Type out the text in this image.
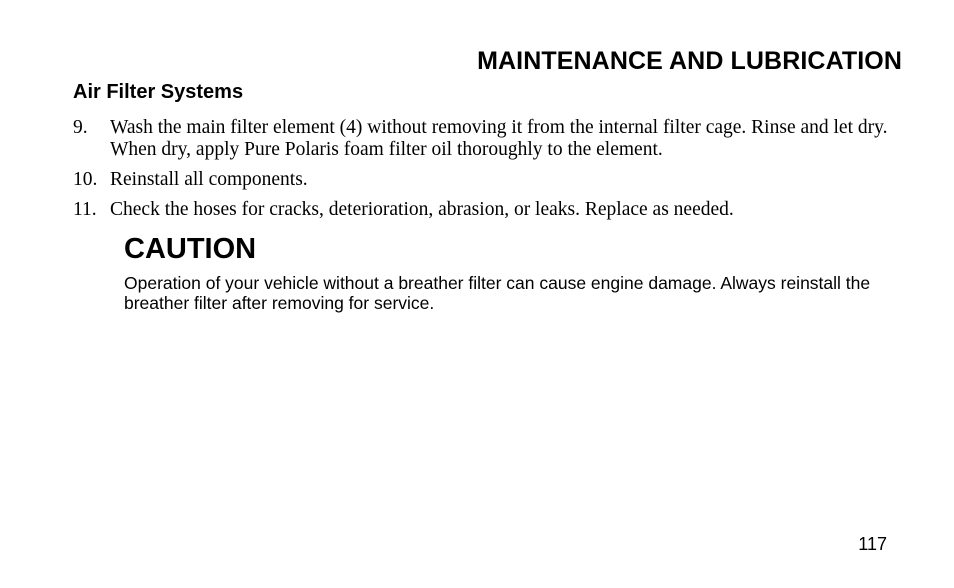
MAINTENANCE AND LUBRICATION
Air Filter Systems
9.	Wash the main filter element (4) without removing it from the internal filter cage. Rinse and let dry. When dry, apply Pure Polaris foam filter oil thoroughly to the element.
10. Reinstall all components.
11. Check the hoses for cracks, deterioration, abrasion, or leaks. Replace as needed.
CAUTION

Operation of your vehicle without a breather filter can cause engine damage. Always reinstall the breather filter after removing for service.

117
